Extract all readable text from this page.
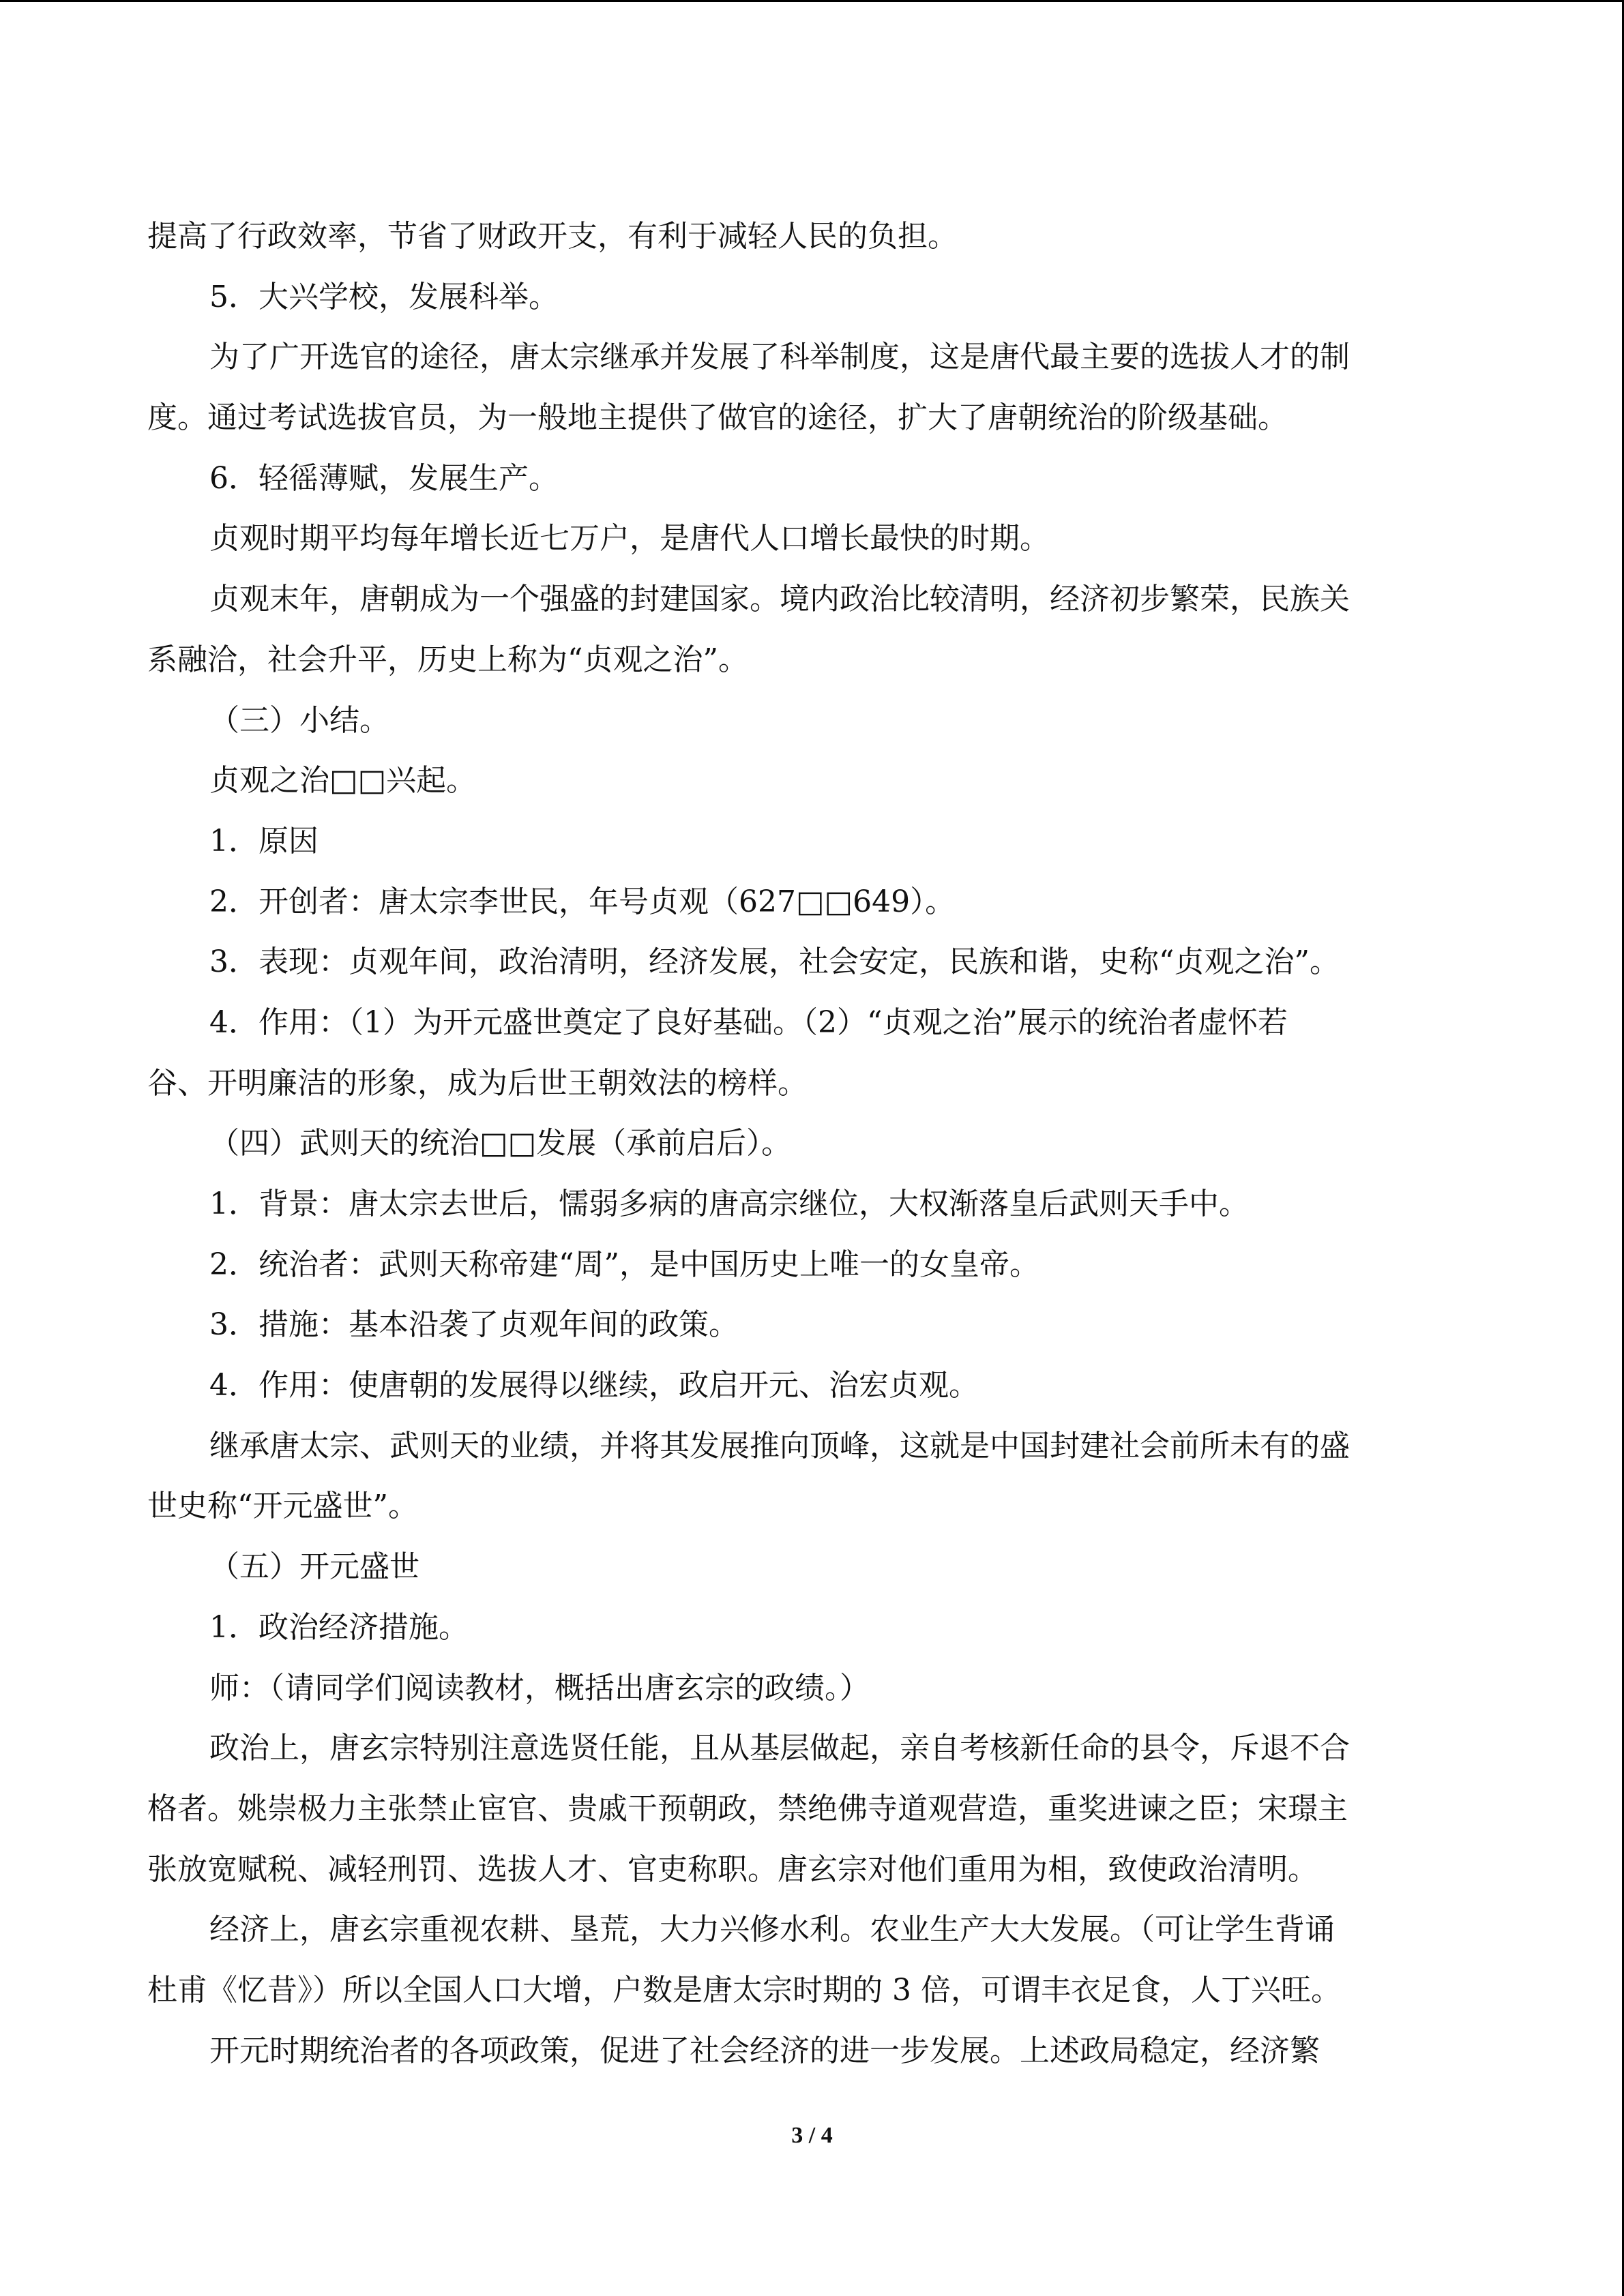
提高了行政效率，节省了财政开支，有利于减轻人民的负担。
5．大兴学校，发展科举。
为了广开选官的途径，唐太宗继承并发展了科举制度，这是唐代最主要的选拔人才的制
度。通过考试选拔官员，为一般地主提供了做官的途径，扩大了唐朝统治的阶级基础。
6．轻徭薄赋，发展生产。
贞观时期平均每年增长近七万户，是唐代人口增长最快的时期。
贞观末年，唐朝成为一个强盛的封建国家。境内政治比较清明，经济初步繁荣，民族关
系融洽，社会升平，历史上称为“贞观之治”。
（三）小结。
贞观之治□□兴起。
1．原因
2．开创者：唐太宗李世民，年号贞观（627□□649）。
3．表现：贞观年间，政治清明，经济发展，社会安定，民族和谐，史称“贞观之治”。
4．作用：（1）为开元盛世奠定了良好基础。（2）“贞观之治”展示的统治者虚怀若
谷、开明廉洁的形象，成为后世王朝效法的榜样。
（四）武则天的统治□□发展（承前启后）。
1．背景：唐太宗去世后，懦弱多病的唐高宗继位，大权渐落皇后武则天手中。
2．统治者：武则天称帝建“周”，是中国历史上唯一的女皇帝。
3．措施：基本沿袭了贞观年间的政策。
4．作用：使唐朝的发展得以继续，政启开元、治宏贞观。
继承唐太宗、武则天的业绩，并将其发展推向顶峰，这就是中国封建社会前所未有的盛
世史称“开元盛世”。
（五）开元盛世
1．政治经济措施。
师：（请同学们阅读教材，概括出唐玄宗的政绩。）
政治上，唐玄宗特别注意选贤任能，且从基层做起，亲自考核新任命的县令，斥退不合
格者。姚崇极力主张禁止宦官、贵戚干预朝政，禁绝佛寺道观营造，重奖进谏之臣；宋璟主
张放宽赋税、减轻刑罚、选拔人才、官吏称职。唐玄宗对他们重用为相，致使政治清明。
经济上，唐玄宗重视农耕、垦荒，大力兴修水利。农业生产大大发展。（可让学生背诵
杜甫《忆昔》）所以全国人口大增，户数是唐太宗时期的 3 倍，可谓丰衣足食，人丁兴旺。
开元时期统治者的各项政策，促进了社会经济的进一步发展。上述政局稳定，经济繁
3 / 4
